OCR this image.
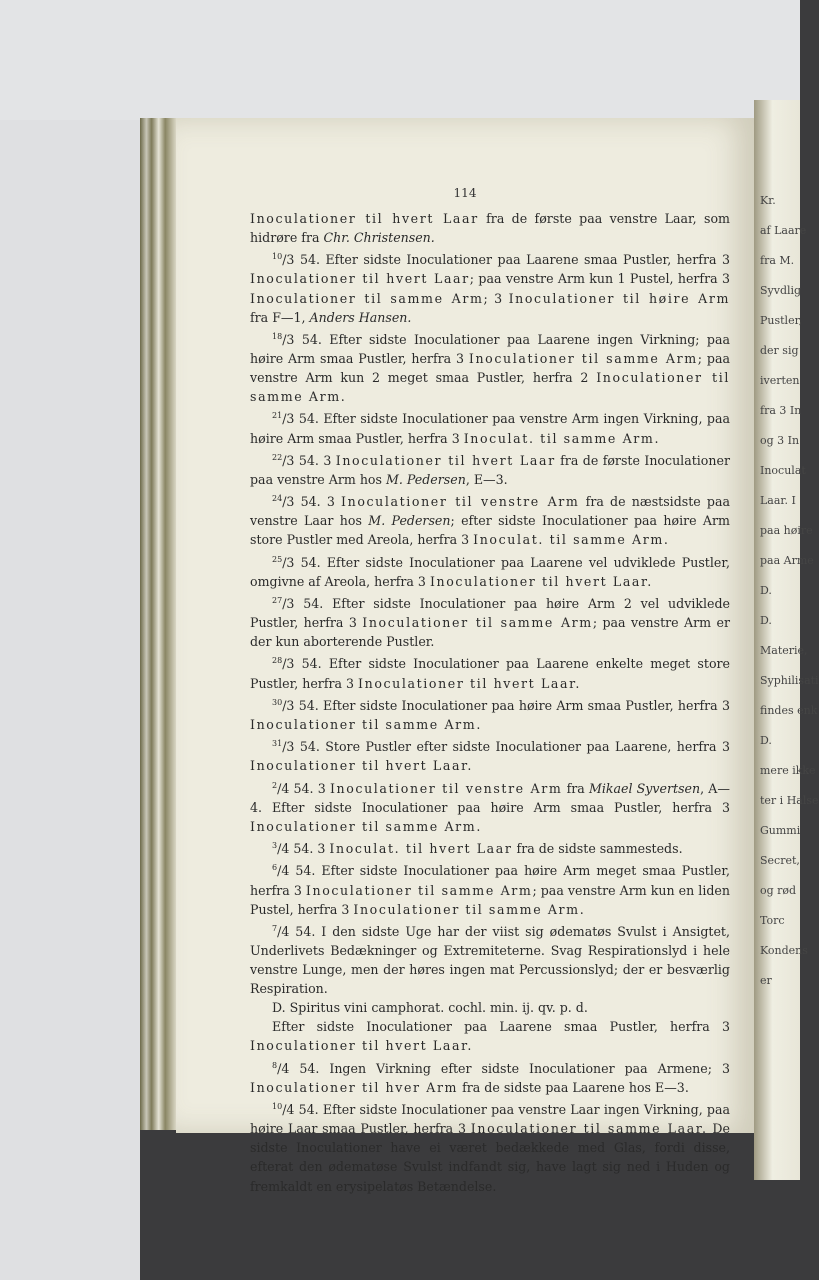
Kr.
af Laare
fra M.
Syvdlig
Pustler,
der sig
iverten
fra 3 In
og 3 In
Inoculat
Laar. I
paa høire
paa Arme
D.
D.
Materie,
Syphilisati
findes enk
D.
mere ikke
ter i Halse
Gummi
Secret,
og rød
Torc
Kondens
er
114

Inoculationer til hvert Laar fra de første paa venstre Laar, som hidrøre fra Chr. Christensen.

$^{10}$/3 54. Efter sidste Inoculationer paa Laarene smaa Pustler, herfra 3 Inoculationer til hvert Laar; paa venstre Arm kun 1 Pustel, herfra 3 Inoculationer til samme Arm; 3 Inoculationer til høire Arm fra F—1, Anders Hansen.

$^{18}$/3 54. Efter sidste Inoculationer paa Laarene ingen Virkning; paa høire Arm smaa Pustler, herfra 3 Inoculationer til samme Arm; paa venstre Arm kun 2 meget smaa Pustler, herfra 2 Inoculationer til samme Arm.

$^{21}$/3 54. Efter sidste Inoculationer paa venstre Arm ingen Virkning, paa høire Arm smaa Pustler, herfra 3 Inoculat. til samme Arm.

$^{22}$/3 54. 3 Inoculationer til hvert Laar fra de første Inoculationer paa venstre Arm hos M. Pedersen, E—3.

$^{24}$/3 54. 3 Inoculationer til venstre Arm fra de næstsidste paa venstre Laar hos M. Pedersen; efter sidste Inoculationer paa høire Arm store Pustler med Areola, herfra 3 Inoculat. til samme Arm.

$^{25}$/3 54. Efter sidste Inoculationer paa Laarene vel udviklede Pustler, omgivne af Areola, herfra 3 Inoculationer til hvert Laar.

$^{27}$/3 54. Efter sidste Inoculationer paa høire Arm 2 vel udviklede Pustler, herfra 3 Inoculationer til samme Arm; paa venstre Arm er der kun aborterende Pustler.

$^{28}$/3 54. Efter sidste Inoculationer paa Laarene enkelte meget store Pustler, herfra 3 Inoculationer til hvert Laar.

$^{30}$/3 54. Efter sidste Inoculationer paa høire Arm smaa Pustler, herfra 3 Inoculationer til samme Arm.

$^{31}$/3 54. Store Pustler efter sidste Inoculationer paa Laarene, herfra 3 Inoculationer til hvert Laar.

$^2$/4 54. 3 Inoculationer til venstre Arm fra Mikael Syvertsen, A—4. Efter sidste Inoculationer paa høire Arm smaa Pustler, herfra 3 Inoculationer til samme Arm.

$^3$/4 54. 3 Inoculat. til hvert Laar fra de sidste sammesteds.

$^6$/4 54. Efter sidste Inoculationer paa høire Arm meget smaa Pustler, herfra 3 Inoculationer til samme Arm; paa venstre Arm kun en liden Pustel, herfra 3 Inoculationer til samme Arm.

$^7$/4 54. I den sidste Uge har der viist sig ødematøs Svulst i Ansigtet, Underlivets Bedækninger og Extremiteterne. Svag Respirationslyd i hele venstre Lunge, men der høres ingen mat Percussionslyd; der er besværlig Respiration.

D. Spiritus vini camphorat. cochl. min. ij. qv. p. d.

Efter sidste Inoculationer paa Laarene smaa Pustler, herfra 3 Inoculationer til hvert Laar.

$^8$/4 54. Ingen Virkning efter sidste Inoculationer paa Armene; 3 Inoculationer til hver Arm fra de sidste paa Laarene hos E—3.

$^{10}$/4 54. Efter sidste Inoculationer paa venstre Laar ingen Virkning, paa høire Laar smaa Pustler, herfra 3 Inoculationer til samme Laar. De sidste Inoculationer have ei været bedækkede med Glas, fordi disse, efterat den ødematøse Svulst indfandt sig, have lagt sig ned i Huden og fremkaldt en erysipelatøs Betændelse.
